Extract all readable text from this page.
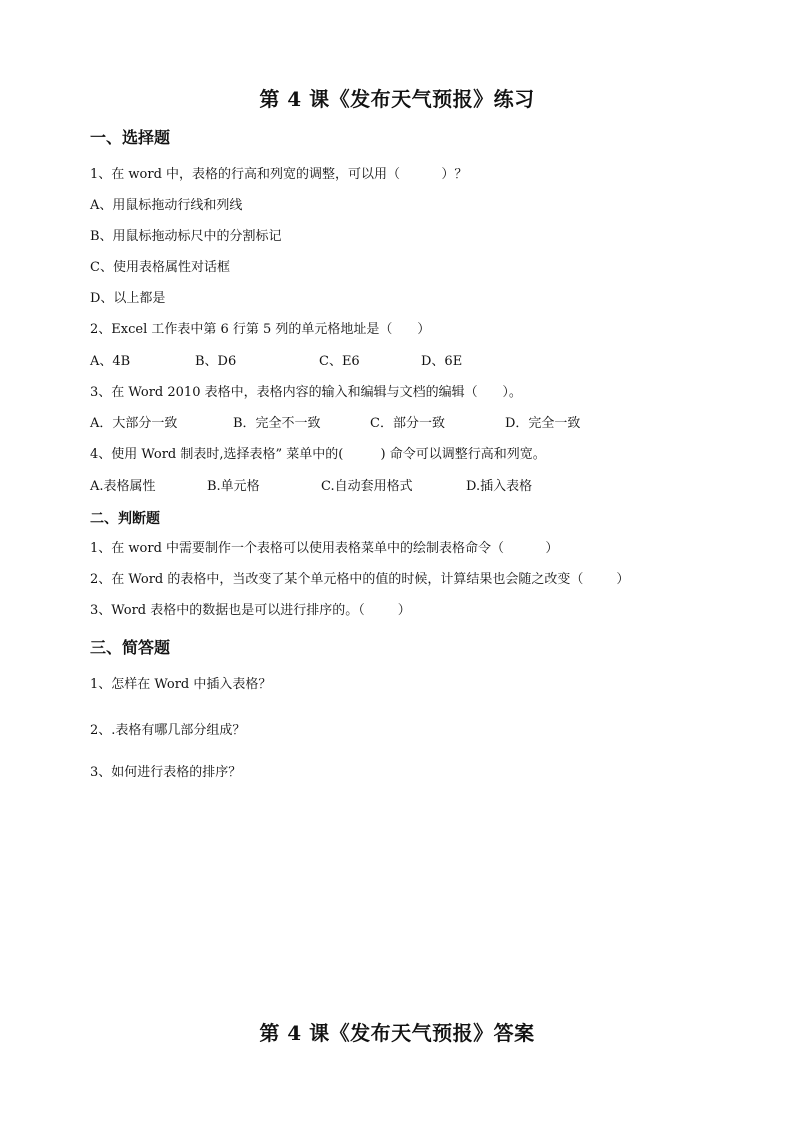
第 4 课《发布天气预报》练习
一、选择题
1、在 word 中，表格的行高和列宽的调整，可以用（          ）？
A、用鼠标拖动行线和列线
B、用鼠标拖动标尺中的分割标记
C、使用表格属性对话框
D、以上都是
2、Excel 工作表中第 6 行第 5 列的单元格地址是（      ）
A、4B	B、D6	C、E6	D、6E
3、在 Word 2010 表格中，表格内容的输入和编辑与文档的编辑（      ）。
A．大部分一致	B．完全不一致	C．部分一致	D．完全一致
4、使用 Word 制表时,选择表格” 菜单中的(         ) 命令可以调整行高和列宽。
A.表格属性	B.单元格	C.自动套用格式	D.插入表格
二、判断题
1、在 word 中需要制作一个表格可以使用表格菜单中的绘制表格命令（          ）
2、在 Word 的表格中，当改变了某个单元格中的值的时候，计算结果也会随之改变（        ）
3、Word 表格中的数据也是可以进行排序的。（        ）
三、简答题
1、怎样在 Word 中插入表格？
2、.表格有哪几部分组成？
3、如何进行表格的排序？
第 4 课《发布天气预报》答案
